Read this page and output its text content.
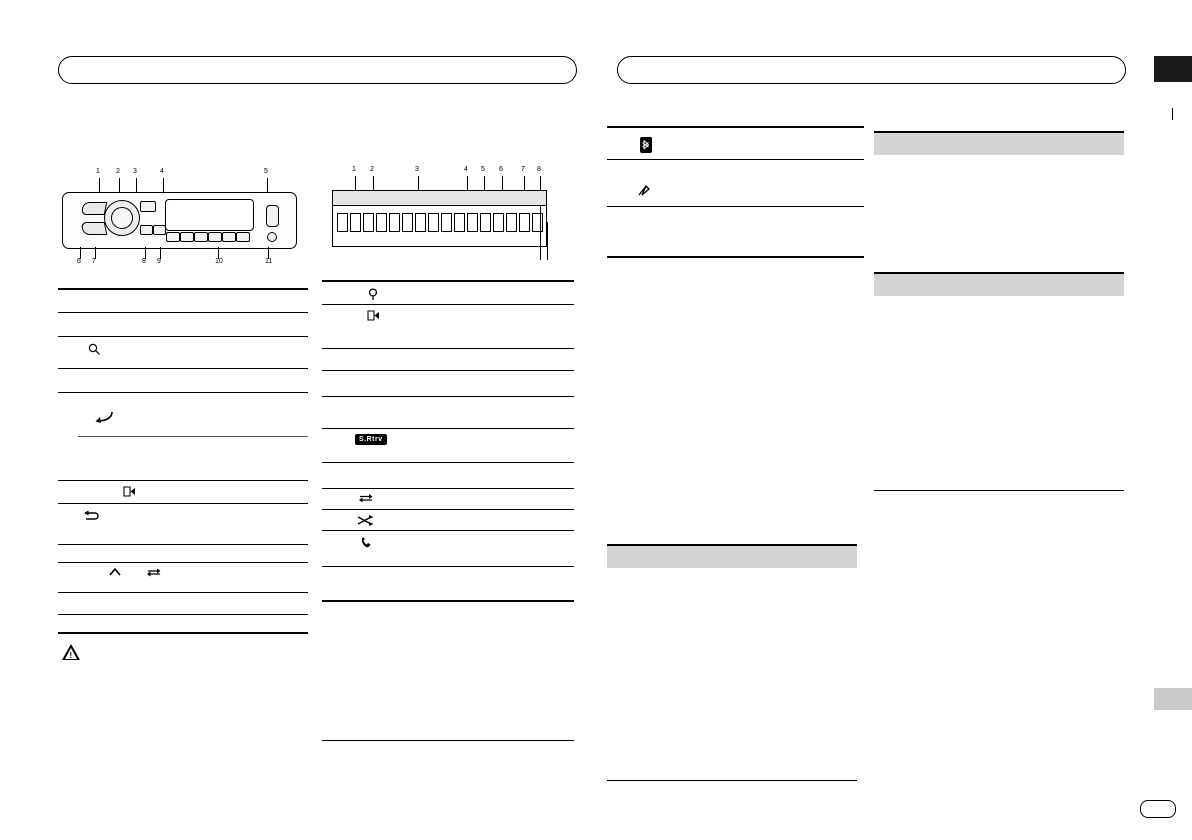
1 2 3	4	5
6 7	8 9	10	11
!
1 2	3	4 5 6	7 8
S.Rtrv
